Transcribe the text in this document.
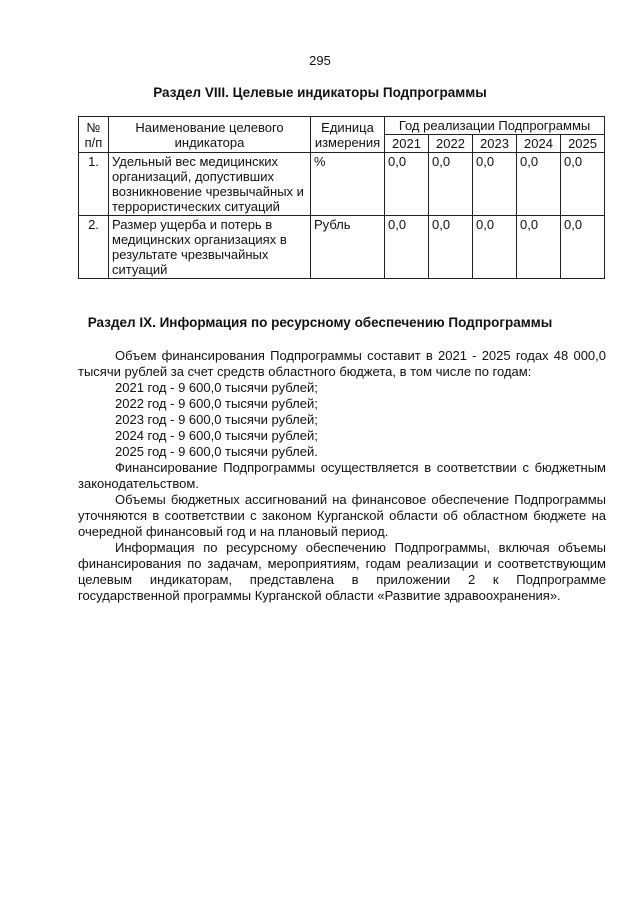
295
Раздел VIII. Целевые индикаторы Подпрограммы
№ п/п	Наименование целевого индикатора	Единица измерения	Год реализации Подпрограммы				
			2021	2022	2023	2024	2025
1.	Удельный вес медицинских организаций, допустивших возникновение чрезвычайных и террористических ситуаций	%	0,0	0,0	0,0	0,0	0,0
2.	Размер ущерба и потерь в медицинских организациях в результате чрезвычайных ситуаций	Рубль	0,0	0,0	0,0	0,0	0,0
Раздел IX. Информация по ресурсному обеспечению Подпрограммы

Объем финансирования Подпрограммы составит в 2021 - 2025 годах 48 000,0 тысячи рублей за счет средств областного бюджета, в том числе по годам:

2021 год - 9 600,0 тысячи рублей;

2022 год - 9 600,0 тысячи рублей;

2023 год - 9 600,0 тысячи рублей;

2024 год - 9 600,0 тысячи рублей;

2025 год - 9 600,0 тысячи рублей.

Финансирование Подпрограммы осуществляется в соответствии с бюджетным законодательством.

Объемы бюджетных ассигнований на финансовое обеспечение Подпрограммы уточняются в соответствии с законом Курганской области об областном бюджете на очередной финансовый год и на плановый период.

Информация по ресурсному обеспечению Подпрограммы, включая объемы финансирования по задачам, мероприятиям, годам реализации и соответствующим целевым индикаторам, представлена в приложении 2 к Подпрограмме государственной программы Курганской области «Развитие здравоохранения».
